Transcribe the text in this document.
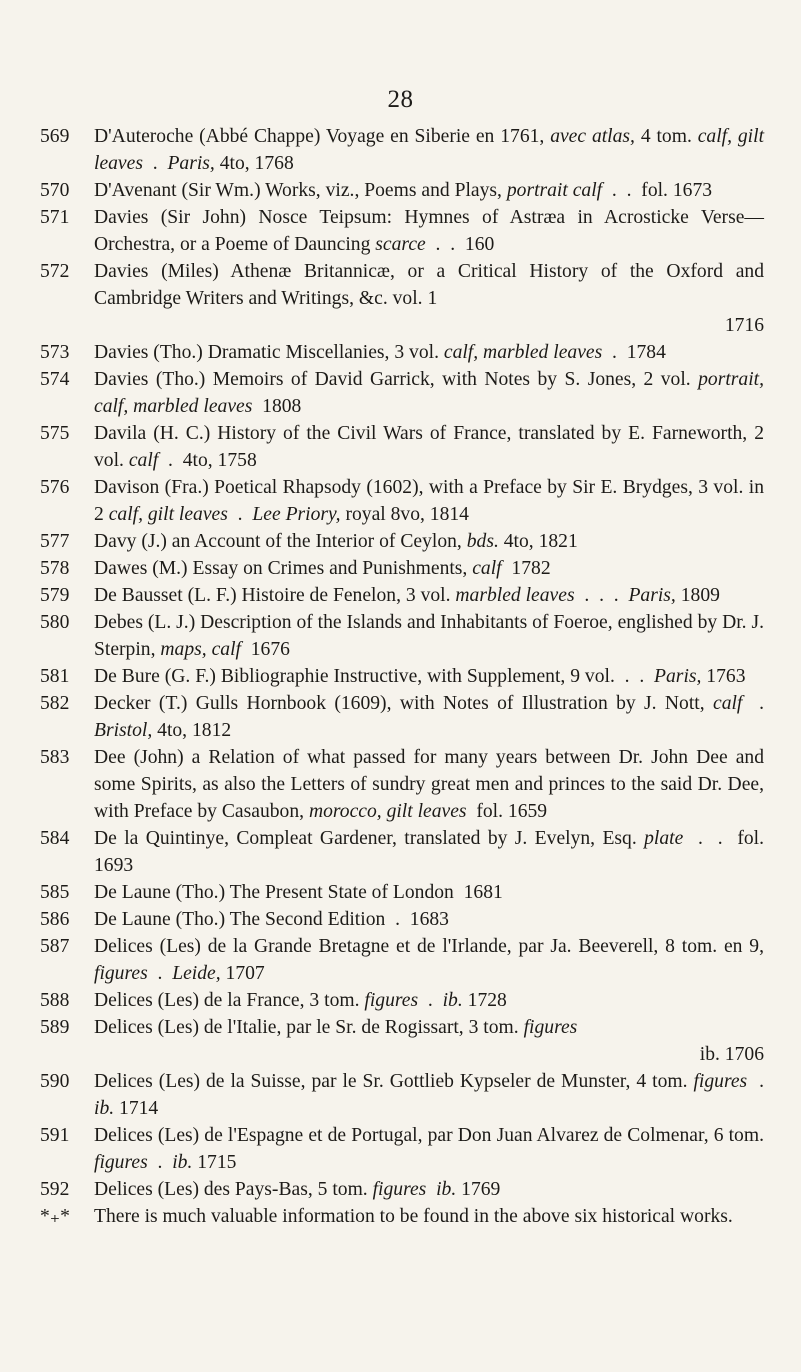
28
569	D'Auteroche (Abbé Chappe) Voyage en Siberie en 1761, avec atlas, 4 tom. calf, gilt leaves  .  Paris, 4to, 1768
570	D'Avenant (Sir Wm.) Works, viz., Poems and Plays, portrait calf  .  .  fol. 1673
571	Davies (Sir John) Nosce Teipsum: Hymnes of Astræa in Acrosticke Verse—Orchestra, or a Poeme of Dauncing scarce  .  .  160
572	Davies (Miles) Athenæ Britannicæ, or a Critical History of the Oxford and Cambridge Writers and Writings, &c. vol. 1
1716
573	Davies (Tho.) Dramatic Miscellanies, 3 vol. calf, marbled leaves  .  1784
574	Davies (Tho.) Memoirs of David Garrick, with Notes by S. Jones, 2 vol. portrait, calf, marbled leaves  1808
575	Davila (H. C.) History of the Civil Wars of France, translated by E. Farneworth, 2 vol. calf  .  4to, 1758
576	Davison (Fra.) Poetical Rhapsody (1602), with a Preface by Sir E. Brydges, 3 vol. in 2 calf, gilt leaves  .  Lee Priory, royal 8vo, 1814
577	Davy (J.) an Account of the Interior of Ceylon, bds. 4to, 1821
578	Dawes (M.) Essay on Crimes and Punishments, calf  1782
579	De Bausset (L. F.) Histoire de Fenelon, 3 vol. marbled leaves  .  .  .  Paris, 1809
580	Debes (L. J.) Description of the Islands and Inhabitants of Foeroe, englished by Dr. J. Sterpin, maps, calf  1676
581	De Bure (G. F.) Bibliographie Instructive, with Supplement, 9 vol.  .  .  Paris, 1763
582	Decker (T.) Gulls Hornbook (1609), with Notes of Illustration by J. Nott, calf  .  Bristol, 4to, 1812
583	Dee (John) a Relation of what passed for many years between Dr. John Dee and some Spirits, as also the Letters of sundry great men and princes to the said Dr. Dee, with Preface by Casaubon, morocco, gilt leaves  fol. 1659
584	De la Quintinye, Compleat Gardener, translated by J. Evelyn, Esq. plate  .  .  fol. 1693
585	De Laune (Tho.) The Present State of London  1681
586	De Laune (Tho.) The Second Edition  .  1683
587	Delices (Les) de la Grande Bretagne et de l'Irlande, par Ja. Beeverell, 8 tom. en 9, figures  .  Leide, 1707
588	Delices (Les) de la France, 3 tom. figures  .  ib. 1728
589	Delices (Les) de l'Italie, par le Sr. de Rogissart, 3 tom. figures
ib. 1706
590	Delices (Les) de la Suisse, par le Sr. Gottlieb Kypseler de Munster, 4 tom. figures  .  ib. 1714
591	Delices (Les) de l'Espagne et de Portugal, par Don Juan Alvarez de Colmenar, 6 tom. figures  .  ib. 1715
592	Delices (Les) des Pays-Bas, 5 tom. figures ib. 1769
*₊*	There is much valuable information to be found in the above six historical works.
